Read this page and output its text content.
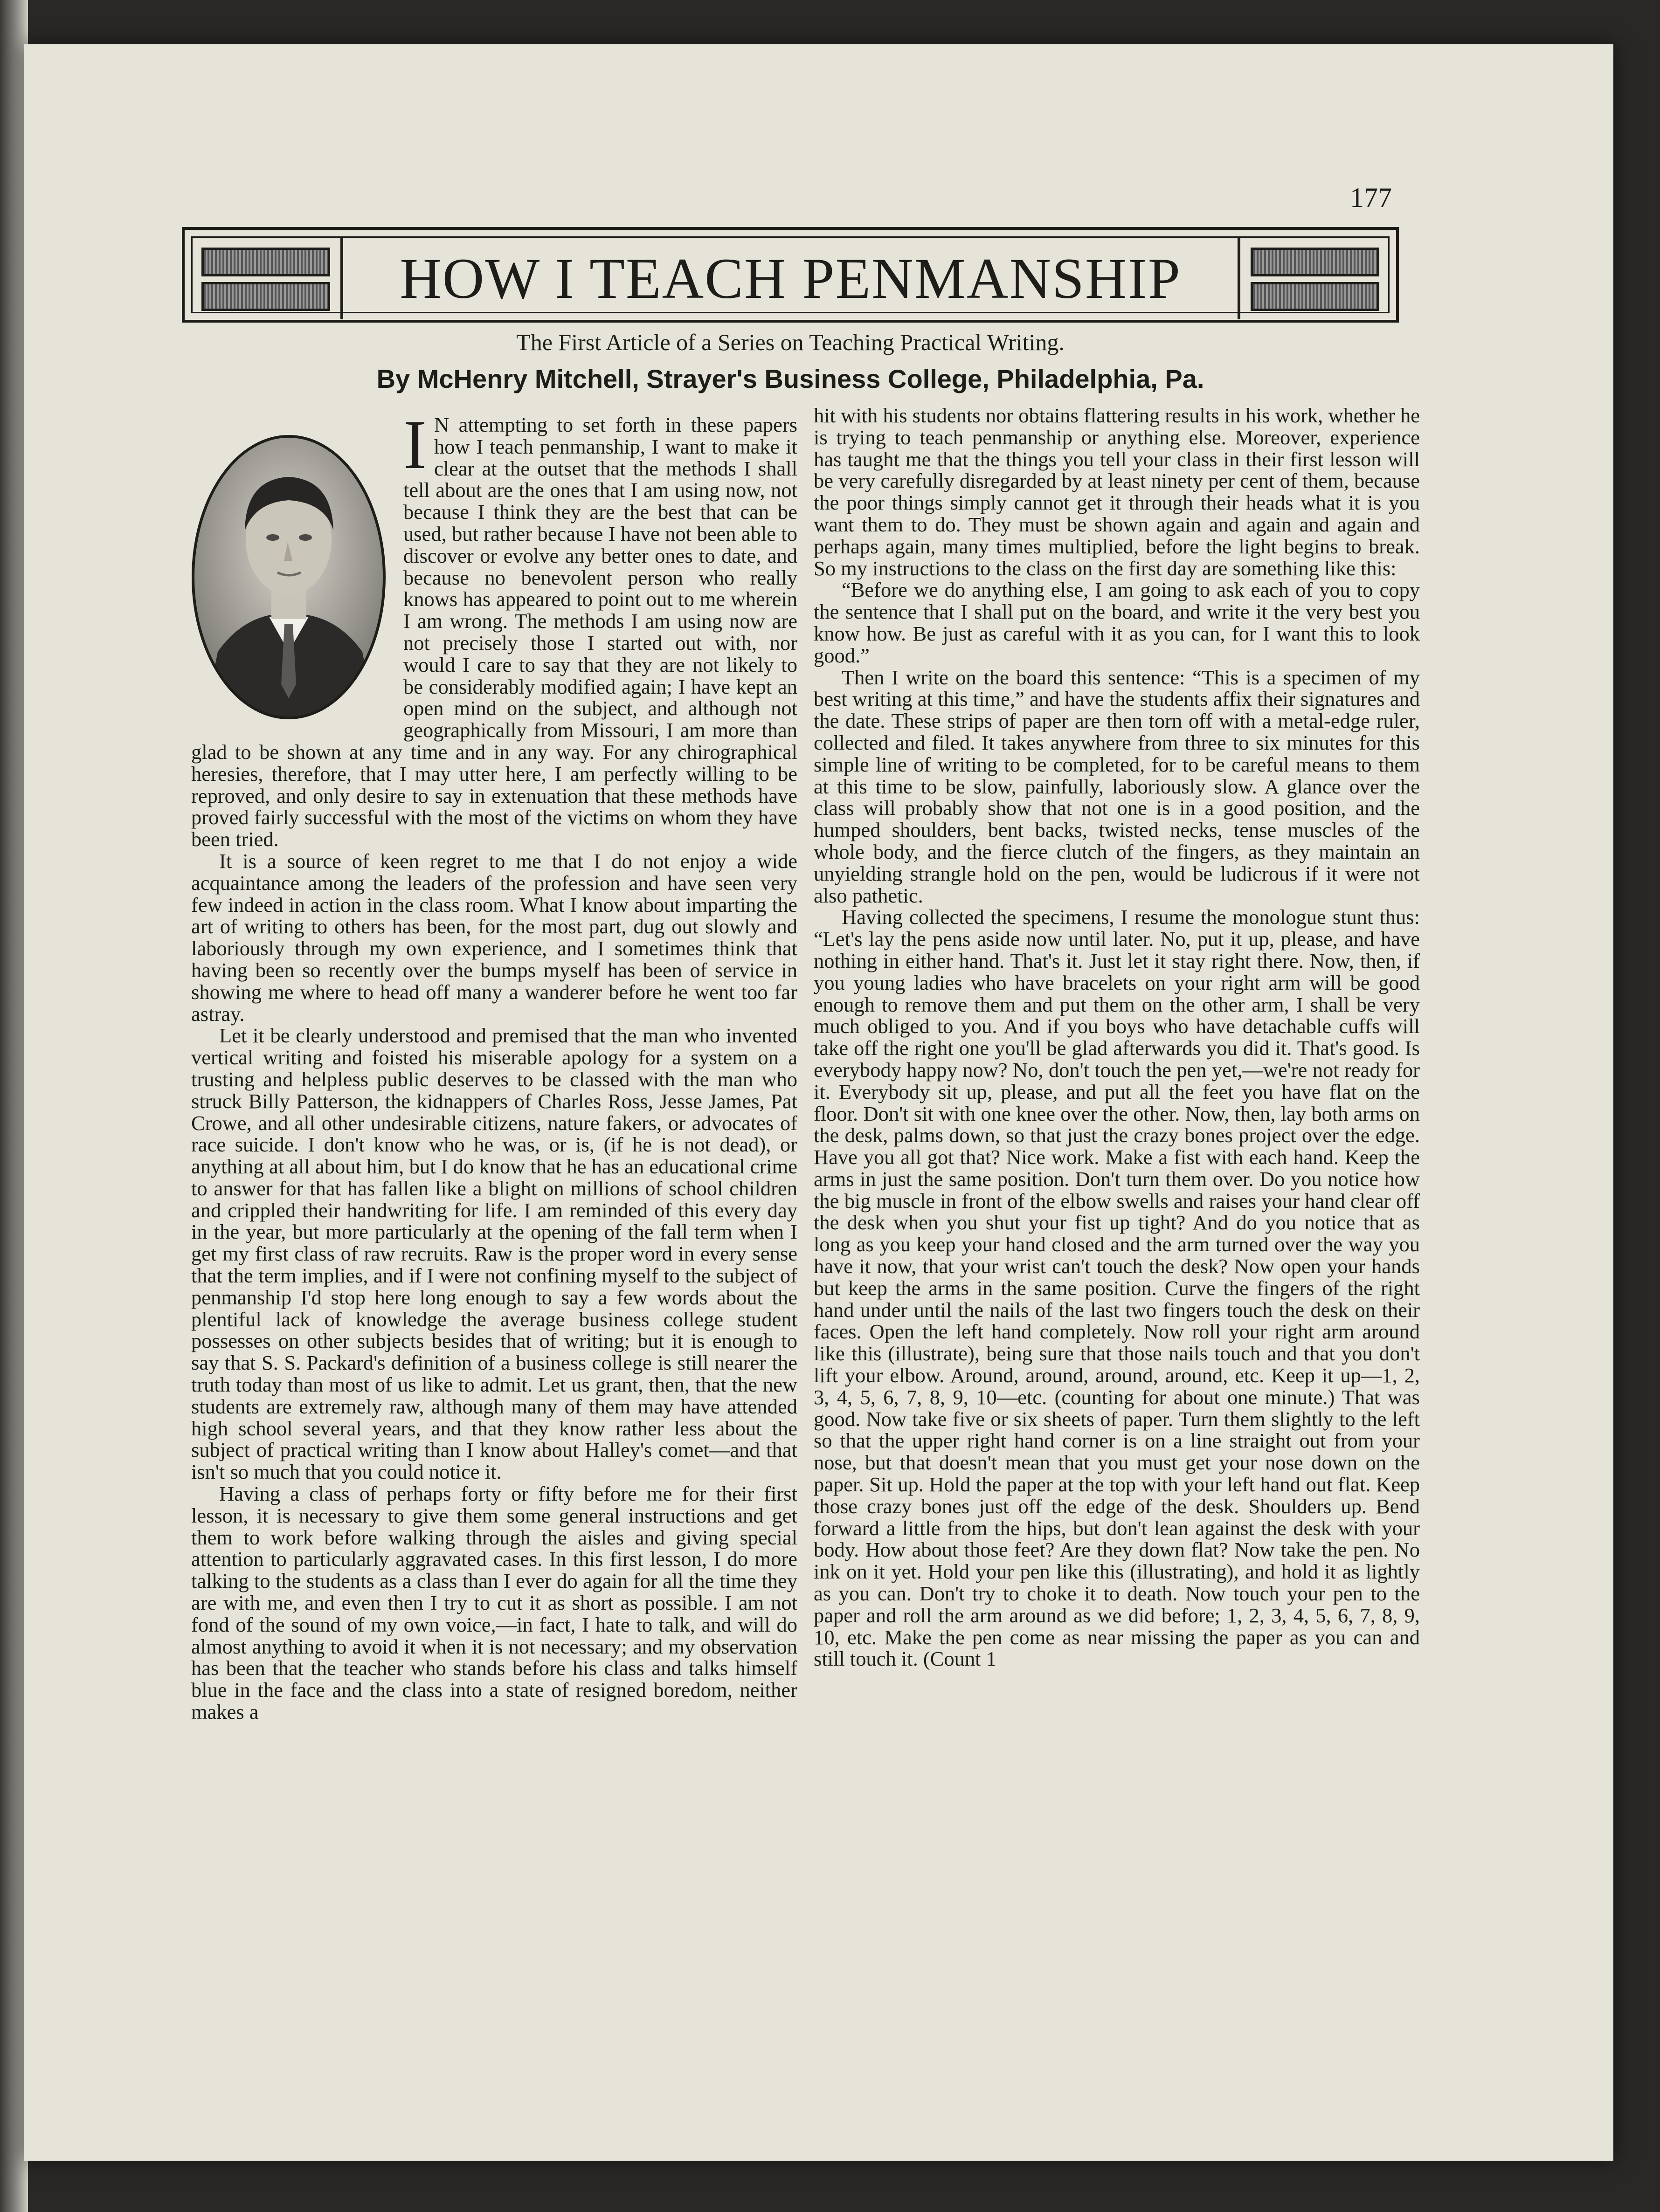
177
HOW I TEACH PENMANSHIP
The First Article of a Series on Teaching Practical Writing.
By McHenry Mitchell, Strayer's Business College, Philadelphia, Pa.

I N attempting to set forth in these papers how I teach penmanship, I want to make it clear at the outset that the methods I shall tell about are the ones that I am using now, not because I think they are the best that can be used, but rather because I have not been able to discover or evolve any better ones to date, and because no benevolent person who really knows has appeared to point out to me wherein I am wrong. The methods I am using now are not precisely those I started out with, nor would I care to say that they are not likely to be considerably modified again; I have kept an open mind on the subject, and although not geographically from Missouri, I am more than glad to be shown at any time and in any way. For any chirographical heresies, therefore, that I may utter here, I am perfectly willing to be reproved, and only desire to say in extenuation that these methods have proved fairly successful with the most of the victims on whom they have been tried.

It is a source of keen regret to me that I do not enjoy a wide acquaintance among the leaders of the profession and have seen very few indeed in action in the class room. What I know about imparting the art of writing to others has been, for the most part, dug out slowly and laboriously through my own experience, and I sometimes think that having been so recently over the bumps myself has been of service in showing me where to head off many a wanderer before he went too far astray.

Let it be clearly understood and premised that the man who invented vertical writing and foisted his miserable apology for a system on a trusting and helpless public deserves to be classed with the man who struck Billy Patterson, the kidnappers of Charles Ross, Jesse James, Pat Crowe, and all other undesirable citizens, nature fakers, or advocates of race suicide. I don't know who he was, or is, (if he is not dead), or anything at all about him, but I do know that he has an educational crime to answer for that has fallen like a blight on millions of school children and crippled their handwriting for life. I am reminded of this every day in the year, but more particularly at the opening of the fall term when I get my first class of raw recruits. Raw is the proper word in every sense that the term implies, and if I were not confining myself to the subject of penmanship I'd stop here long enough to say a few words about the plentiful lack of knowledge the average business college student possesses on other subjects besides that of writing; but it is enough to say that S. S. Packard's definition of a business college is still nearer the truth today than most of us like to admit. Let us grant, then, that the new students are extremely raw, although many of them may have attended high school several years, and that they know rather less about the subject of practical writing than I know about Halley's comet—and that isn't so much that you could notice it.

Having a class of perhaps forty or fifty before me for their first lesson, it is necessary to give them some general instructions and get them to work before walking through the aisles and giving special attention to particularly aggravated cases. In this first lesson, I do more talking to the students as a class than I ever do again for all the time they are with me, and even then I try to cut it as short as possible. I am not fond of the sound of my own voice,—in fact, I hate to talk, and will do almost anything to avoid it when it is not necessary; and my observation has been that the teacher who stands before his class and talks himself blue in the face and the class into a state of resigned boredom, neither makes a

hit with his students nor obtains flattering results in his work, whether he is trying to teach penmanship or anything else. Moreover, experience has taught me that the things you tell your class in their first lesson will be very carefully disregarded by at least ninety per cent of them, because the poor things simply cannot get it through their heads what it is you want them to do. They must be shown again and again and again and perhaps again, many times multiplied, before the light begins to break. So my instructions to the class on the first day are something like this:

“Before we do anything else, I am going to ask each of you to copy the sentence that I shall put on the board, and write it the very best you know how. Be just as careful with it as you can, for I want this to look good.”

Then I write on the board this sentence: “This is a specimen of my best writing at this time,” and have the students affix their signatures and the date. These strips of paper are then torn off with a metal-edge ruler, collected and filed. It takes anywhere from three to six minutes for this simple line of writing to be completed, for to be careful means to them at this time to be slow, painfully, laboriously slow. A glance over the class will probably show that not one is in a good position, and the humped shoulders, bent backs, twisted necks, tense muscles of the whole body, and the fierce clutch of the fingers, as they maintain an unyielding strangle hold on the pen, would be ludicrous if it were not also pathetic.

Having collected the specimens, I resume the monologue stunt thus: “Let's lay the pens aside now until later. No, put it up, please, and have nothing in either hand. That's it. Just let it stay right there. Now, then, if you young ladies who have bracelets on your right arm will be good enough to remove them and put them on the other arm, I shall be very much obliged to you. And if you boys who have detachable cuffs will take off the right one you'll be glad afterwards you did it. That's good. Is everybody happy now? No, don't touch the pen yet,—we're not ready for it. Everybody sit up, please, and put all the feet you have flat on the floor. Don't sit with one knee over the other. Now, then, lay both arms on the desk, palms down, so that just the crazy bones project over the edge. Have you all got that? Nice work. Make a fist with each hand. Keep the arms in just the same position. Don't turn them over. Do you notice how the big muscle in front of the elbow swells and raises your hand clear off the desk when you shut your fist up tight? And do you notice that as long as you keep your hand closed and the arm turned over the way you have it now, that your wrist can't touch the desk? Now open your hands but keep the arms in the same position. Curve the fingers of the right hand under until the nails of the last two fingers touch the desk on their faces. Open the left hand completely. Now roll your right arm around like this (illustrate), being sure that those nails touch and that you don't lift your elbow. Around, around, around, around, etc. Keep it up—1, 2, 3, 4, 5, 6, 7, 8, 9, 10—etc. (counting for about one minute.) That was good. Now take five or six sheets of paper. Turn them slightly to the left so that the upper right hand corner is on a line straight out from your nose, but that doesn't mean that you must get your nose down on the paper. Sit up. Hold the paper at the top with your left hand out flat. Keep those crazy bones just off the edge of the desk. Shoulders up. Bend forward a little from the hips, but don't lean against the desk with your body. How about those feet? Are they down flat? Now take the pen. No ink on it yet. Hold your pen like this (illustrating), and hold it as lightly as you can. Don't try to choke it to death. Now touch your pen to the paper and roll the arm around as we did before; 1, 2, 3, 4, 5, 6, 7, 8, 9, 10, etc. Make the pen come as near missing the paper as you can and still touch it. (Count 1
